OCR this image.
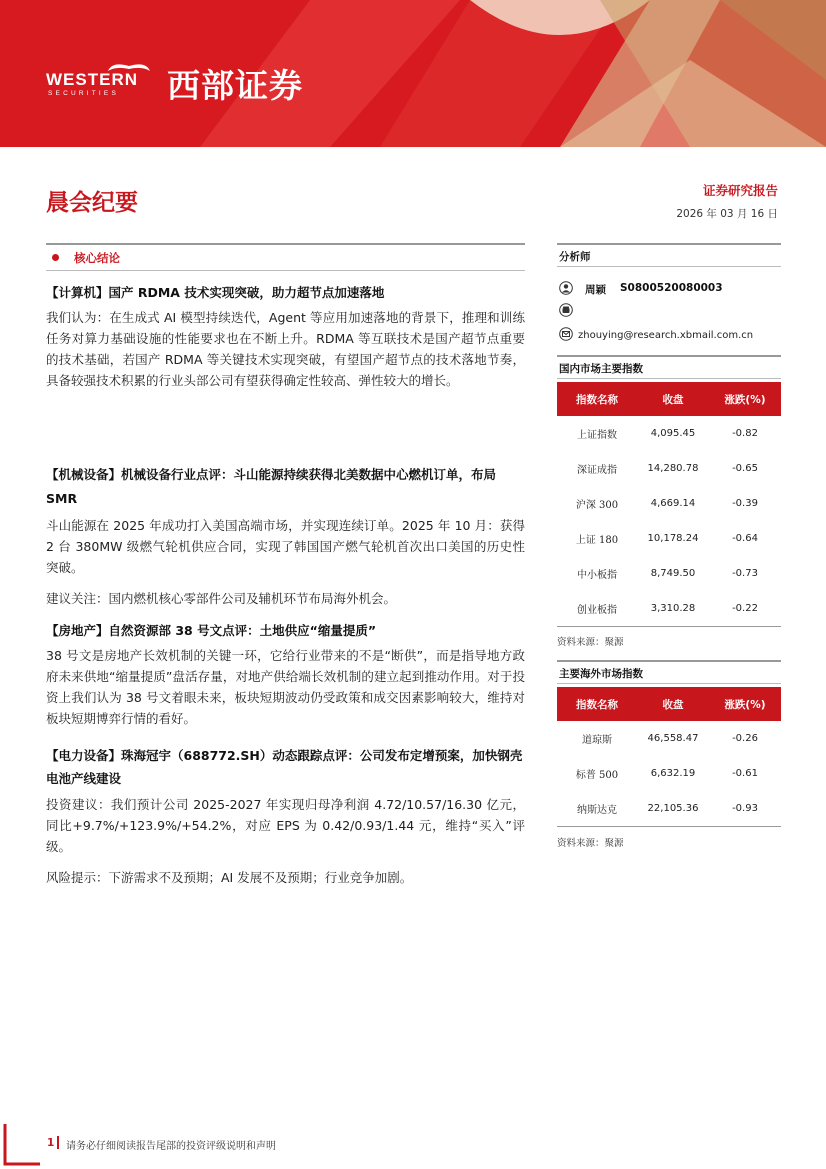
WESTERN
SECURITIES 西部证券
晨会纪要	证券研究报告
2026 年 03 月 16 日
核心结论
【计算机】国产 RDMA 技术实现突破，助力超节点加速落地
我们认为：在生成式 AI 模型持续迭代，Agent 等应用加速落地的背景下，推理和训练任务对算力基础设施的性能要求也在不断上升。RDMA 等互联技术是国产超节点重要的技术基础，若国产 RDMA 等关键技术实现突破，有望国产超节点的技术落地节奏，具备较强技术积累的行业头部公司有望获得确定性较高、弹性较大的增长。
【机械设备】机械设备行业点评：斗山能源持续获得北美数据中心燃机订单，布局 SMR
斗山能源在 2025 年成功打入美国高端市场，并实现连续订单。2025 年 10 月：获得 2 台 380MW 级燃气轮机供应合同，实现了韩国国产燃气轮机首次出口美国的历史性突破。
建议关注：国内燃机核心零部件公司及辅机环节布局海外机会。
【房地产】自然资源部 38 号文点评：土地供应“缩量提质”
38 号文是房地产长效机制的关键一环，它给行业带来的不是“断供”，而是指导地方政府未来供地“缩量提质”盘活存量，对地产供给端长效机制的建立起到推动作用。对于投资上我们认为 38 号文着眼未来，板块短期波动仍受政策和成交因素影响较大，维持对板块短期博弈行情的看好。
【电力设备】珠海冠宇（688772.SH）动态跟踪点评：公司发布定增预案，加快钢壳电池产线建设
投资建议：我们预计公司 2025-2027 年实现归母净利润 4.72/10.57/16.30 亿元，同比+9.7%/+123.9%/+54.2%，对应 EPS 为 0.42/0.93/1.44 元，维持“买入”评级。
风险提示：下游需求不及预期；AI 发展不及预期；行业竞争加剧。
分析师
周颖 S0800520080003
zhouying@research.xbmail.com.cn
国内市场主要指数
指数名称	收盘	涨跌(%)
上证指数	4,095.45	-0.82
深证成指	14,280.78	-0.65
沪深 300	4,669.14	-0.39
上证 180	10,178.24	-0.64
中小板指	8,749.50	-0.73
创业板指	3,310.28	-0.22
资料来源：聚源
主要海外市场指数
指数名称	收盘	涨跌(%)
道琼斯	46,558.47	-0.26
标普 500	6,632.19	-0.61
纳斯达克	22,105.36	-0.93
资料来源：聚源
1 请务必仔细阅读报告尾部的投资评级说明和声明
